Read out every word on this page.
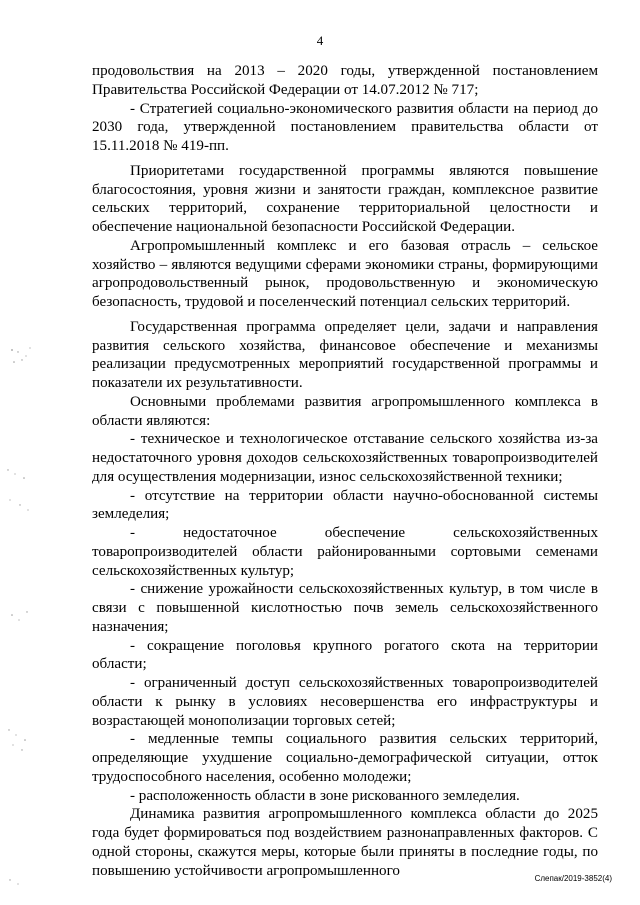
4

продовольствия на 2013 – 2020 годы, утвержденной постановлением Правительства Российской Федерации от 14.07.2012 № 717;

- Стратегией социально-экономического развития области на период до 2030 года, утвержденной постановлением правительства области от 15.11.2018 № 419-пп.

Приоритетами государственной программы являются повышение благосостояния, уровня жизни и занятости граждан, комплексное развитие сельских территорий, сохранение территориальной целостности и обеспечение национальной безопасности Российской Федерации.

Агропромышленный комплекс и его базовая отрасль – сельское хозяйство – являются ведущими сферами экономики страны, формирующими агропродовольственный рынок, продовольственную и экономическую безопасность, трудовой и поселенческий потенциал сельских территорий.

Государственная программа определяет цели, задачи и направления развития сельского хозяйства, финансовое обеспечение и механизмы реализации предусмотренных мероприятий государственной программы и показатели их результативности.

Основными проблемами развития агропромышленного комплекса в области являются:

- техническое и технологическое отставание сельского хозяйства из-за недостаточного уровня доходов сельскохозяйственных товаропроизводителей для осуществления модернизации, износ сельскохозяйственной техники;

- отсутствие на территории области научно-обоснованной системы земледелия;

- недостаточное обеспечение сельскохозяйственных товаропроизводителей области районированными сортовыми семенами сельскохозяйственных культур;

- снижение урожайности сельскохозяйственных культур, в том числе в связи с повышенной кислотностью почв земель сельскохозяйственного назначения;

- сокращение поголовья крупного рогатого скота на территории области;

- ограниченный доступ сельскохозяйственных товаропроизводителей области к рынку в условиях несовершенства его инфраструктуры и возрастающей монополизации торговых сетей;

- медленные темпы социального развития сельских территорий, определяющие ухудшение социально-демографической ситуации, отток трудоспособного населения, особенно молодежи;

- расположенность области в зоне рискованного земледелия.

Динамика развития агропромышленного комплекса области до 2025 года будет формироваться под воздействием разнонаправленных факторов. С одной стороны, скажутся меры, которые были приняты в последние годы, по повышению устойчивости агропромышленного	Слепак/2019-3852(4)
